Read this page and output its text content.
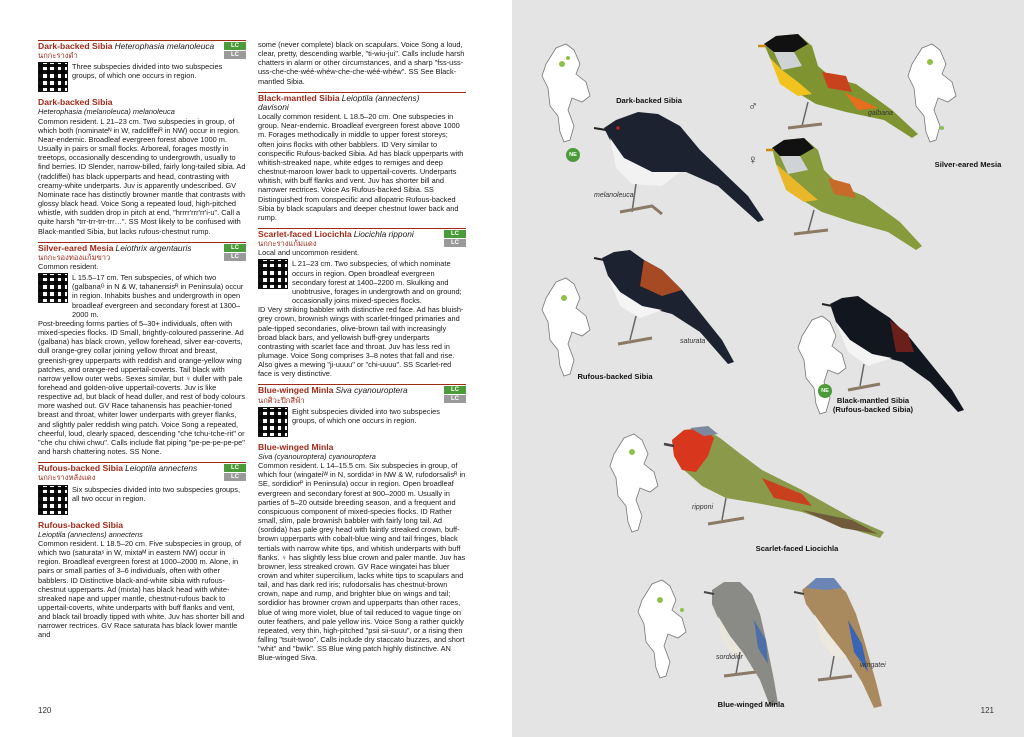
Dark-backed Sibia Heterophasia melanoleuca
นกกะรางดำ
LC
LC
Three subspecies divided into two subspecies groups, of which one occurs in region.
Dark-backed Sibia
Heterophasia (melanoleuca) melanoleuca

Common resident. L 21–23 cm. Two subspecies in group, of which both (nominateᴺ in W, radcliffeiᴿ in NW) occur in region. Near-endemic. Broadleaf evergreen forest above 1000 m. Usually in pairs or small flocks. Arboreal, forages mostly in treetops, occasionally descending to undergrowth, usually to find berries. ID Slender, narrow-billed, fairly long-tailed sibia. Ad (radcliffei) has black upperparts and head, contrasting with creamy-white underparts. Juv is apparently undescribed. GV Nominate race has distinctly browner mantle that contrasts with glossy black head. Voice Song a repeated loud, high-pitched whistle, with sudden drop in pitch at end, "hrrrr'rrr'rr'i-u". Call a quite harsh "trr-trr-trr-trr…". SS Most likely to be confused with Black-mantled Sibia, but lacks rufous-chestnut rump.

Silver-eared Mesia Leiothrix argentauris
นกกะรองทองแก้มขาว
LC
LC
Common resident.
L 15.5–17 cm. Ten subspecies, of which two (galbanaᴳ in N & W, tahanensisᴿ in Peninsula) occur in region. Inhabits bushes and undergrowth in open broadleaf evergreen and secondary forest at 1300–2000 m.

Post-breeding forms parties of 5–30+ individuals, often with mixed-species flocks. ID Small, brightly-coloured passerine. Ad (galbana) has black crown, yellow forehead, silver ear-coverts, dull orange-grey collar joining yellow throat and breast, greenish-grey upperparts with reddish and orange-yellow wing patches, and orange-red uppertail-coverts. Tail black with narrow yellow outer webs. Sexes similar, but ♀ duller with pale forehead and golden-olive uppertail-coverts. Juv is like respective ad, but black of head duller, and rest of body colours more washed out. GV Race tahanensis has peachier-toned breast and throat, whiter lower underparts with greyer flanks, and slightly paler reddish wing patch. Voice Song a repeated, cheerful, loud, clearly spaced, descending "che tchu-tche-rit" or "che chu chiwi chwu". Calls include flat piping "pe-pe-pe-pe-pe" and harsh chattering notes. SS None.

Rufous-backed Sibia Leioptila annectens
นกกะรางหลังแดง
LC
LC
Six subspecies divided into two subspecies groups, all two occur in region.
Rufous-backed Sibia
Leioptila (annectens) annectens

Common resident. L 18.5–20 cm. Five subspecies in group, of which two (saturataˢ in W, mixtaᴹ in eastern NW) occur in region. Broadleaf evergreen forest at 1000–2000 m. Alone, in pairs or small parties of 3–6 individuals, often with other babblers. ID Distinctive black-and-white sibia with rufous-chestnut upperparts. Ad (mixta) has black head with white-streaked nape and upper mantle, chestnut-rufous back to uppertail-coverts, white underparts with buff flanks and vent, and black tail broadly tipped with white. Juv has shorter bill and narrower rectrices. GV Race saturata has black lower mantle and

some (never complete) black on scapulars. Voice Song a loud, clear, pretty, descending warble, "ti-wiu-jui". Calls include harsh chatters in alarm or other circumstances, and a sharp "fss-uss-uss-che-che-wéé-whéw-che-che-wéé-whéw". SS See Black-mantled Sibia.

Black-mantled Sibia Leioptila (annectens) davisoni

Locally common resident. L 18.5–20 cm. One subspecies in group. Near-endemic. Broadleaf evergreen forest above 1000 m. Forages methodically in middle to upper forest storeys; often joins flocks with other babblers. ID Very similar to conspecific Rufous-backed Sibia. Ad has black upperparts with whitish-streaked nape, white edges to remiges and deep chestnut-maroon lower back to uppertail-coverts. Underparts whitish, with buff flanks and vent. Juv has shorter bill and narrower rectrices. Voice As Rufous-backed Sibia. SS Distinguished from conspecific and allopatric Rufous-backed Sibia by black scapulars and deeper chestnut lower back and rump.

Scarlet-faced Liocichla Liocichla ripponi
นกกะรางแก้มแดง
LC
LC
Local and uncommon resident.
L 21–23 cm. Two subspecies, of which nominate occurs in region. Open broadleaf evergreen secondary forest at 1400–2200 m. Skulking and unobtrusive, forages in undergrowth and on ground; occasionally joins mixed-species flocks.

ID Very striking babbler with distinctive red face. Ad has bluish-grey crown, brownish wings with scarlet-fringed primaries and pale-tipped secondaries, olive-brown tail with increasingly broad black bars, and yellowish buff-grey underparts contrasting with scarlet face and throat. Juv has less red in plumage. Voice Song comprises 3–8 notes that fall and rise. Also gives a mewing "ji-uuuu" or "chi-uuuu". SS Scarlet-red face is very distinctive.

Blue-winged Minla Siva cyanouroptera
นกศิวะปีกสีฟ้า
LC
LC
Eight subspecies divided into two subspecies groups, of which one occurs in region.
Blue-winged Minla
Siva (cyanouroptera) cyanouroptera

Common resident. L 14–15.5 cm. Six subspecies in group, of which four (wingateiᵂ in N, sordidaˢ in NW & W, rufodorsalisᴿ in SE, sordidiorᴾ in Peninsula) occur in region. Open broadleaf evergreen and secondary forest at 900–2000 m. Usually in parties of 5–20 outside breeding season, and a frequent and conspicuous component of mixed-species flocks. ID Rather small, slim, pale brownish babbler with fairly long tail. Ad (sordida) has pale grey head with faintly streaked crown, buff-brown upperparts with cobalt-blue wing and tail fringes, black tertials with narrow white tips, and whitish underparts with buff flanks. ♀ has slightly less blue crown and paler mantle. Juv has browner, less streaked crown. GV Race wingatei has bluer crown and whiter supercilium, lacks white tips to scapulars and tail, and has dark red iris; rufodorsalis has chestnut-brown crown, nape and rump, and brighter blue on wings and tail; sordidior has browner crown and upperparts than other races, blue of wing more violet, blue of tail reduced to vague tinge on outer feathers, and pale yellow iris. Voice Song a rather quickly repeated, very thin, high-pitched "psii sii-suuu", or a rising then falling "tsuit-twoo". Calls include dry staccato buzzes, and short "whit" and "bwik". SS Blue wing patch highly distinctive. AN Blue-winged Siva.

120
Dark-backed Sibia
melanoleuca
galbana
♂
♀	Silver-eared Mesia
NE
saturata
Rufous-backed Sibia
NE
Black-mantled Sibia
(Rufous-backed Sibia)
ripponi
Scarlet-faced Liocichla
sordidior
wingatei
Blue-winged Minla
121
